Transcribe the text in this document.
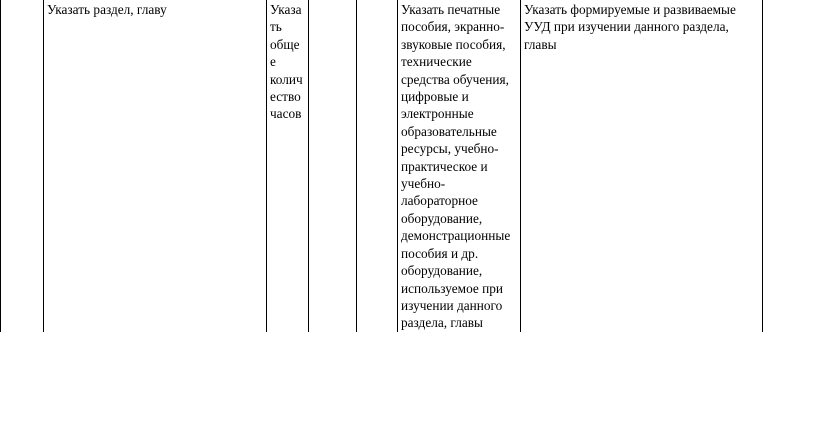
	Указать раздел, главу	Указа ть обще е колич ество часов			Указать печатные пособия, экранно-звуковые пособия, технические средства обучения, цифровые и электронные образовательные ресурсы, учебно-практическое и учебно-лабораторное оборудование, демонстрационные пособия и др. оборудование, используемое при изучении данного раздела, главы	Указать формируемые и развиваемые УУД при изучении данного раздела, главы
